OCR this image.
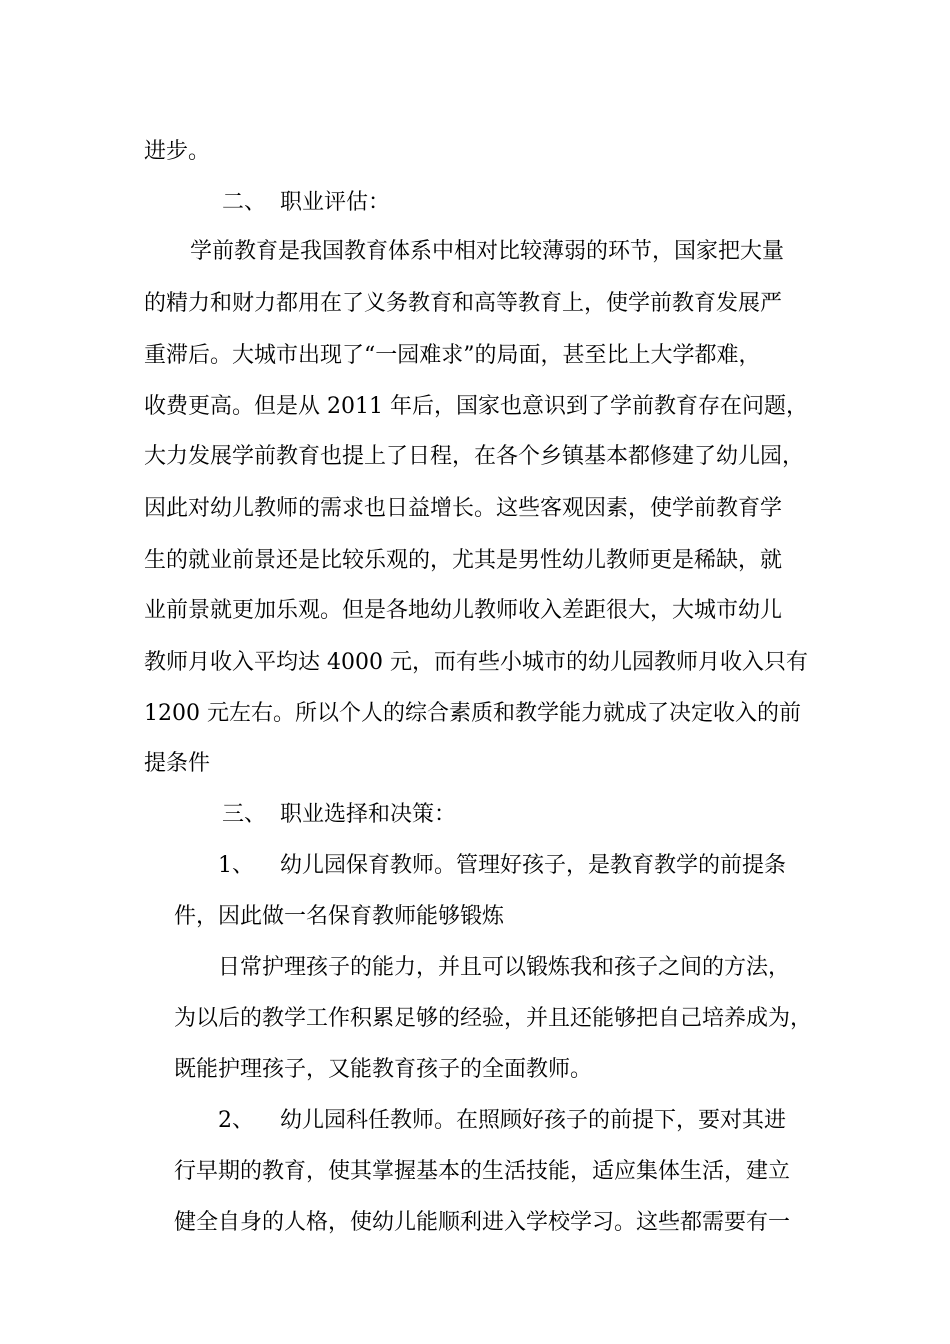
进步。
二、 职业评估：
学前教育是我国教育体系中相对比较薄弱的环节，国家把大量
的精力和财力都用在了义务教育和高等教育上，使学前教育发展严
重滞后。大城市出现了“一园难求”的局面，甚至比上大学都难，
收费更高。但是从 2011 年后，国家也意识到了学前教育存在问题，
大力发展学前教育也提上了日程，在各个乡镇基本都修建了幼儿园，
因此对幼儿教师的需求也日益增长。这些客观因素，使学前教育学
生的就业前景还是比较乐观的，尤其是男性幼儿教师更是稀缺，就
业前景就更加乐观。但是各地幼儿教师收入差距很大，大城市幼儿
教师月收入平均达 4000 元，而有些小城市的幼儿园教师月收入只有
1200 元左右。所以个人的综合素质和教学能力就成了决定收入的前
提条件
三、 职业选择和决策：
1、 幼儿园保育教师。管理好孩子，是教育教学的前提条
件，因此做一名保育教师能够锻炼
日常护理孩子的能力，并且可以锻炼我和孩子之间的方法，
为以后的教学工作积累足够的经验，并且还能够把自己培养成为，
既能护理孩子，又能教育孩子的全面教师。
2、 幼儿园科任教师。在照顾好孩子的前提下，要对其进
行早期的教育，使其掌握基本的生活技能，适应集体生活，建立
健全自身的人格，使幼儿能顺利进入学校学习。这些都需要有一
